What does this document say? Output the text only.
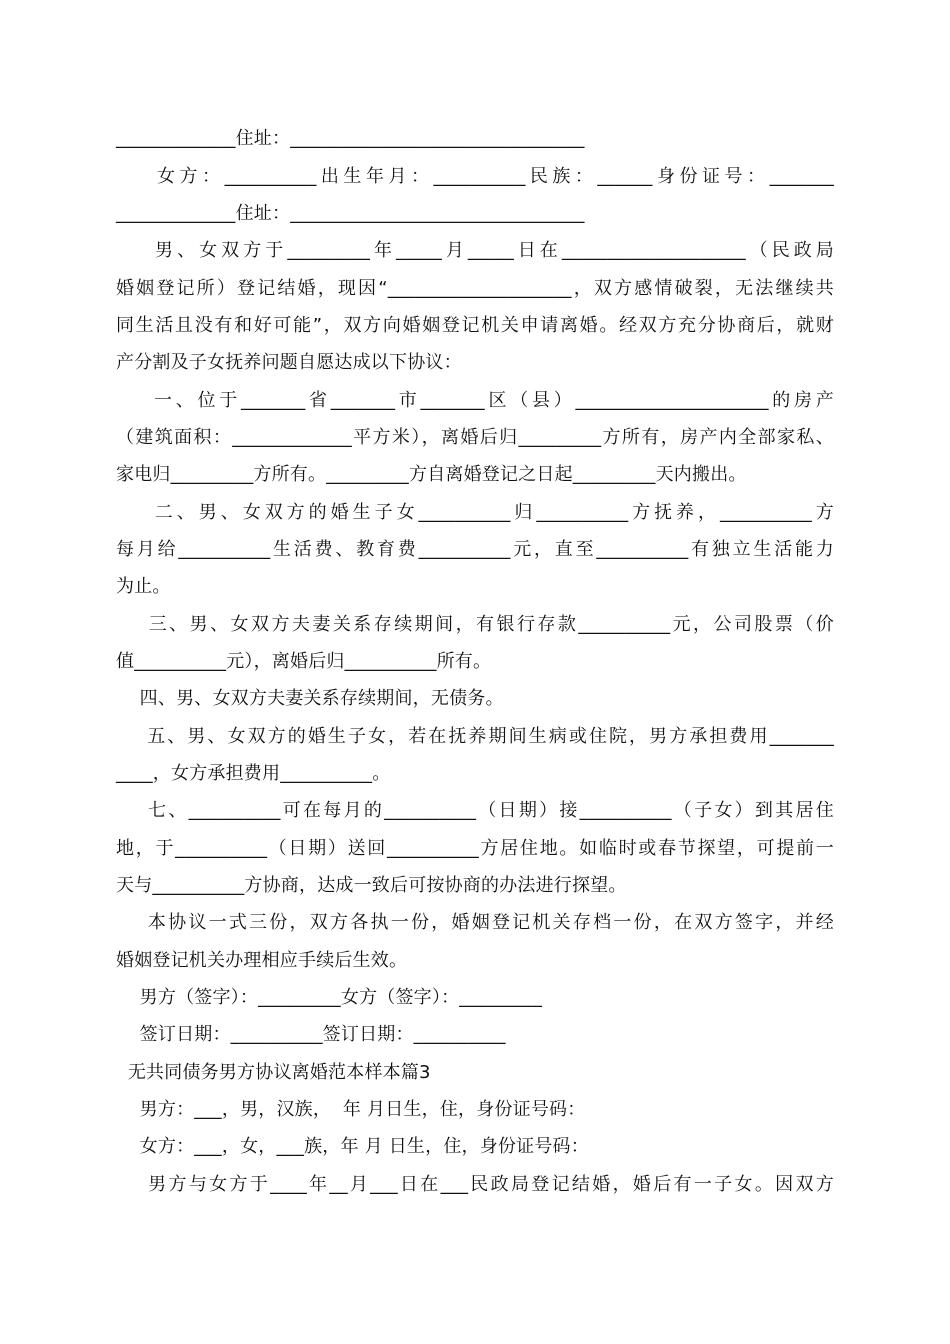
_____________住址：________________________________
女方：__________出生年月：__________民族：______身份证号：_______
_____________住址：________________________________
男、女双方于_________年_____月_____日在____________________（民政局
婚姻登记所）登记结婚，现因“____________________，双方感情破裂，无法继续共
同生活且没有和好可能”，双方向婚姻登记机关申请离婚。经双方充分协商后，就财
产分割及子女抚养问题自愿达成以下协议：
一、位于_______省_______市_______区（县）_____________________的房产
（建筑面积：_____________平方米），离婚后归_________方所有，房产内全部家私、
家电归_________方所有。_________方自离婚登记之日起_________天内搬出。
二、男、女双方的婚生子女__________归__________方抚养，__________方
每月给__________生活费、教育费__________元，直至__________有独立生活能力
为止。
三、男、女双方夫妻关系存续期间，有银行存款__________元，公司股票（价
值__________元），离婚后归__________所有。
四、男、女双方夫妻关系存续期间，无债务。
五、男、女双方的婚生子女，若在抚养期间生病或住院，男方承担费用_______
____，女方承担费用__________。
七、__________可在每月的__________（日期）接__________（子女）到其居住
地，于__________（日期）送回__________方居住地。如临时或春节探望，可提前一
天与__________方协商，达成一致后可按协商的办法进行探望。
本协议一式三份，双方各执一份，婚姻登记机关存档一份，在双方签字，并经
婚姻登记机关办理相应手续后生效。
男方（签字）：_________女方（签字）：_________
签订日期：__________签订日期：__________
无共同债务男方协议离婚范本样本篇3
男方：___，男，汉族，  年 月日生，住，身份证号码：
女方：___，女，___族，年 月 日生，住，身份证号码：
男方与女方于____年__月___日在___民政局登记结婚，婚后有一子女。因双方
